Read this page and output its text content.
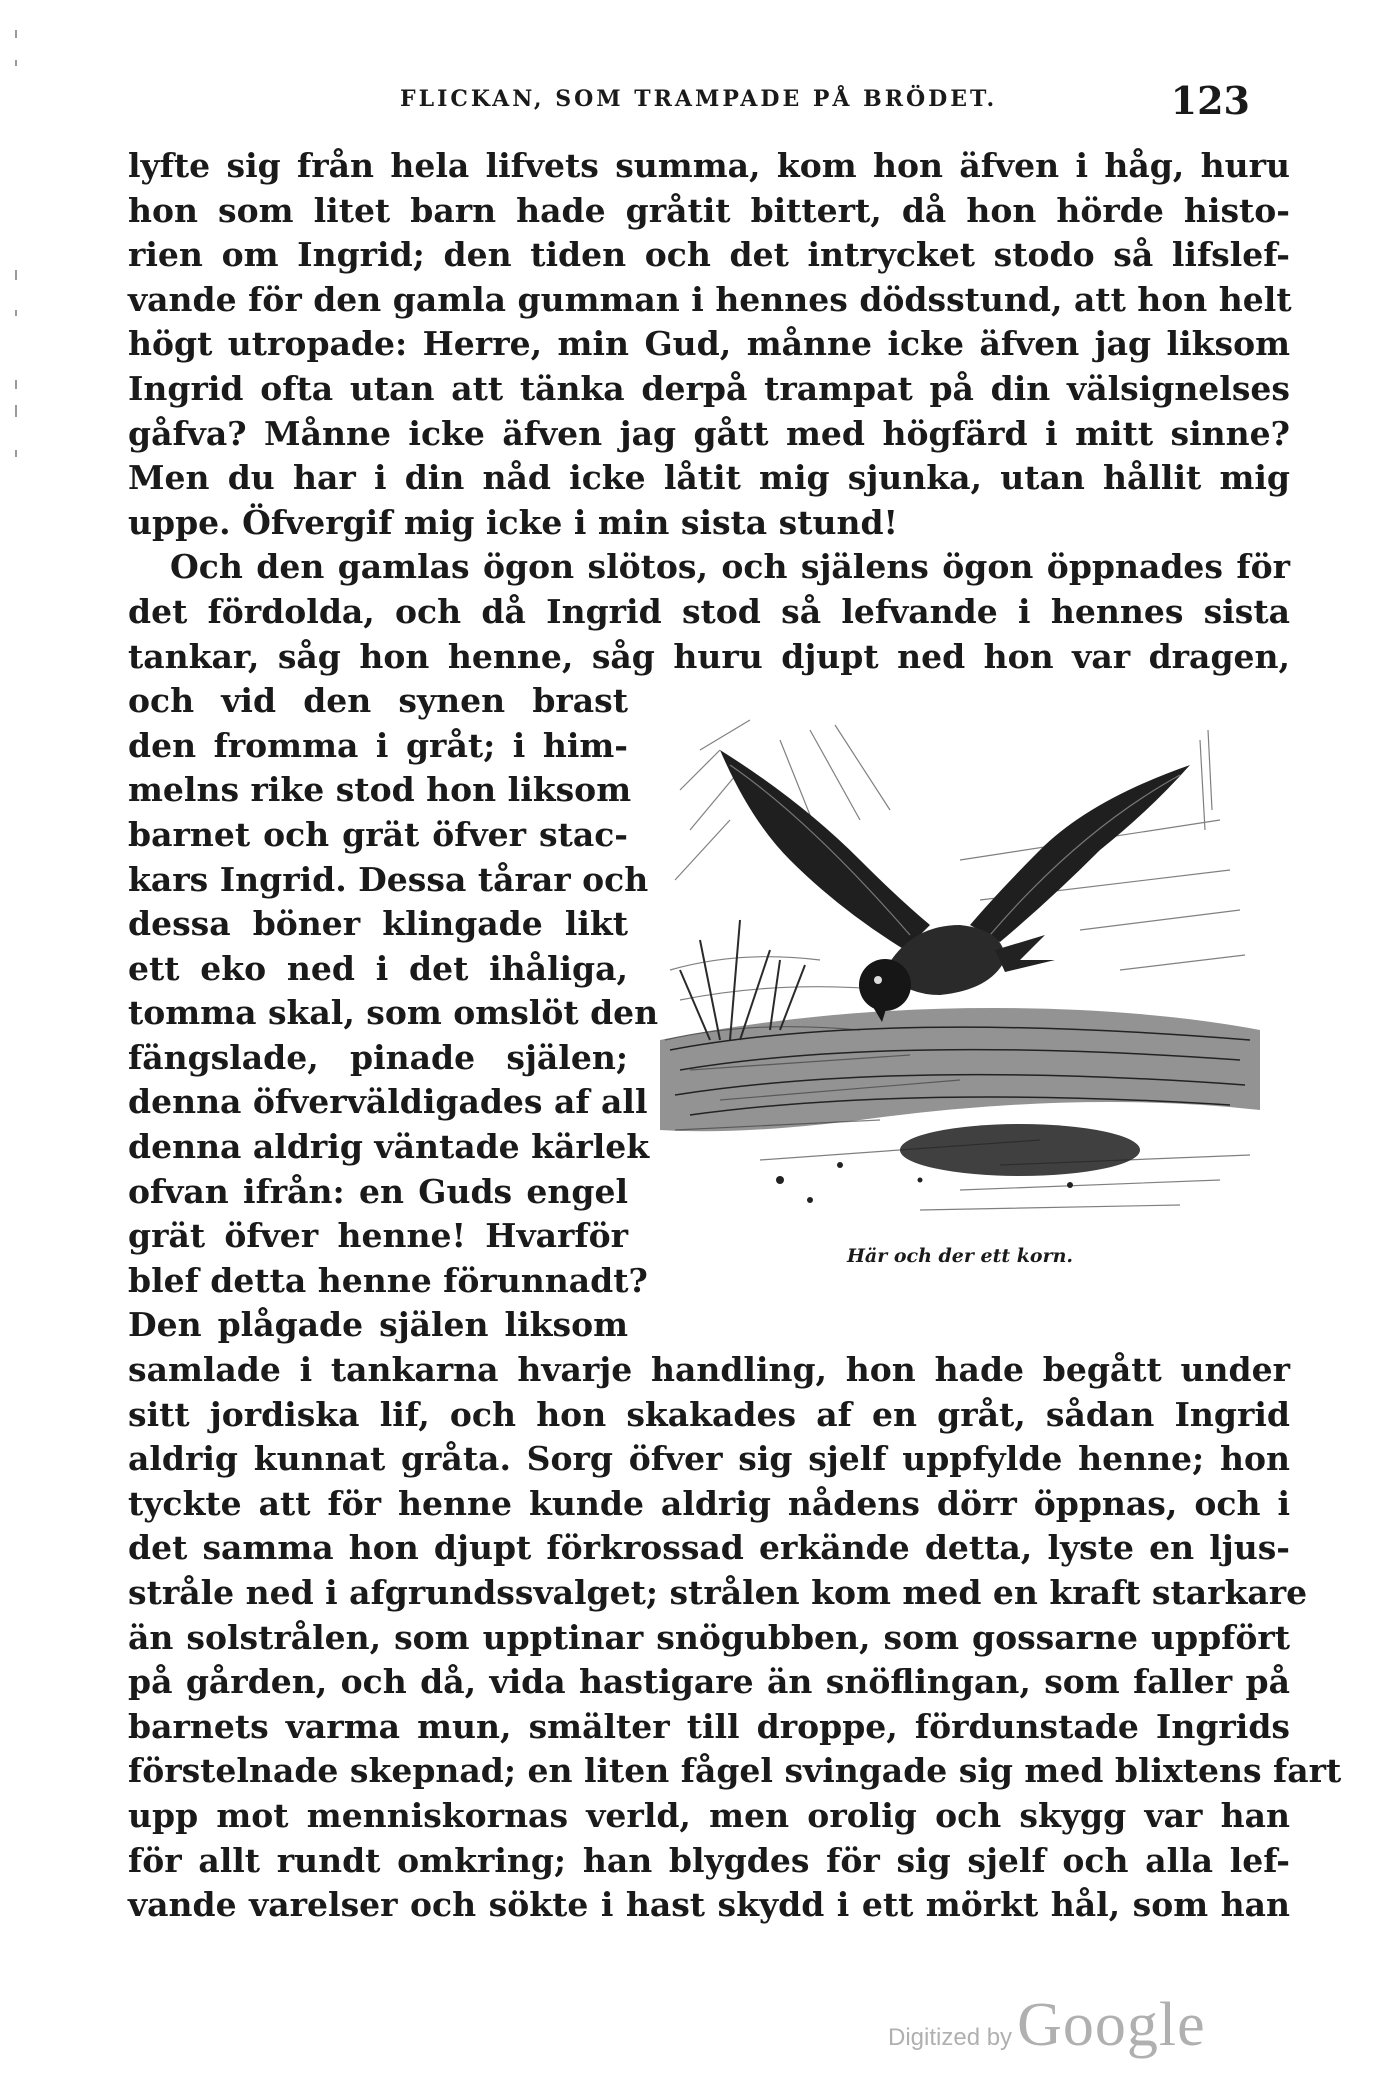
FLICKAN, SOM TRAMPADE PÅ BRÖDET.	123
lyfte sig från hela lifvets summa, kom hon äfven i håg, huru
hon som litet barn hade gråtit bittert, då hon hörde histo-
rien om Ingrid; den tiden och det intrycket stodo så lifslef-
vande för den gamla gumman i hennes dödsstund, att hon helt
högt utropade: Herre, min Gud, månne icke äfven jag liksom
Ingrid ofta utan att tänka derpå trampat på din välsignelses
gåfva? Månne icke äfven jag gått med högfärd i mitt sinne?
Men du har i din nåd icke låtit mig sjunka, utan hållit mig
uppe. Öfvergif mig icke i min sista stund!
Och den gamlas ögon slötos, och själens ögon öppnades för
det fördolda, och då Ingrid stod så lefvande i hennes sista
tankar, såg hon henne, såg huru djupt ned hon var dragen,
och vid den synen brast
den fromma i gråt; i him-
melns rike stod hon liksom
barnet och grät öfver stac-
kars Ingrid. Dessa tårar och
dessa böner klingade likt
ett eko ned i det ihåliga,
tomma skal, som omslöt den
fängslade, pinade själen;
denna öfverväldigades af all
denna aldrig väntade kärlek
ofvan ifrån: en Guds engel
grät öfver henne! Hvarför
blef detta henne förunnadt?
Den plågade själen liksom
samlade i tankarna hvarje handling, hon hade begått under
sitt jordiska lif, och hon skakades af en gråt, sådan Ingrid
aldrig kunnat gråta. Sorg öfver sig sjelf uppfylde henne; hon
tyckte att för henne kunde aldrig nådens dörr öppnas, och i
det samma hon djupt förkrossad erkände detta, lyste en ljus-
stråle ned i afgrundssvalget; strålen kom med en kraft starkare
än solstrålen, som upptinar snögubben, som gossarne uppfört
på gården, och då, vida hastigare än snöflingan, som faller på
barnets varma mun, smälter till droppe, fördunstade Ingrids
förstelnade skepnad; en liten fågel svingade sig med blixtens fart
upp mot menniskornas verld, men orolig och skygg var han
för allt rundt omkring; han blygdes för sig sjelf och alla lef-
vande varelser och sökte i hast skydd i ett mörkt hål, som han
Här och der ett korn.
Digitized by Google
